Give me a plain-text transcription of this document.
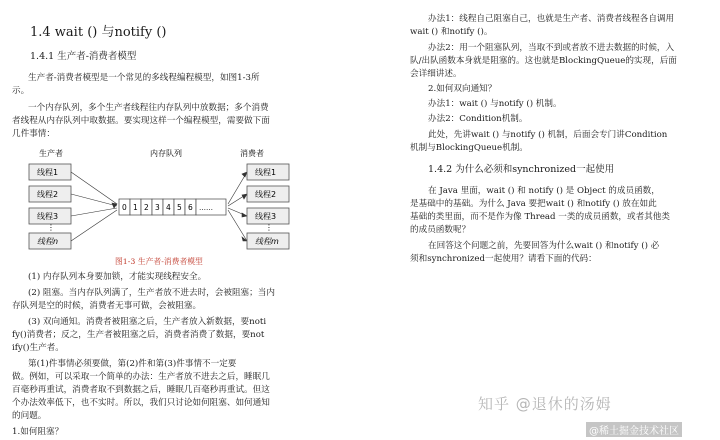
1.4 wait () 与notify ()
1.4.1 生产者-消费者模型
生产者-消费者模型是一个常见的多线程编程模型，如图1-3所
示。
一个内存队列，多个生产者线程往内存队列中放数据；多个消费
者线程从内存队列中取数据。要实现这样一个编程模型，需要做下面
几件事情：
生产者	内存队列	消费者
线程1
线程2
线程3
⋮
线程n
0 1 2 3 4 5 6 ……
线程1
线程2
线程3
⋮
线程m
图1-3 生产者-消费者模型
(1) 内存队列本身要加锁，才能实现线程安全。
(2) 阻塞。当内存队列满了，生产者放不进去时，会被阻塞；当内
存队列是空的时候，消费者无事可做，会被阻塞。
(3) 双向通知。消费者被阻塞之后，生产者放入新数据，要noti
fy()消费者；反之，生产者被阻塞之后，消费者消费了数据，要not
ify()生产者。
第(1)件事情必须要做，第(2)件和第(3)件事情不一定要
做。例如，可以采取一个简单的办法：生产者放不进去之后，睡眠几
百毫秒再重试，消费者取不到数据之后，睡眠几百毫秒再重试。但这
个办法效率低下，也不实时。所以，我们只讨论如何阻塞、如何通知
的问题。
1.如何阻塞？
办法1：线程自己阻塞自己，也就是生产者、消费者线程各自调用
wait () 和notify ()。
办法2：用一个阻塞队列，当取不到或者放不进去数据的时候，入
队/出队函数本身就是阻塞的。这也就是BlockingQueue的实现，后面
会详细讲述。
2.如何双向通知？
办法1：wait () 与notify () 机制。
办法2：Condition机制。
此处，先讲wait () 与notify () 机制，后面会专门讲Condition
机制与BlockingQueue机制。
1.4.2 为什么必须和synchronized一起使用
在 Java 里面，wait () 和 notify () 是 Object 的成员函数，
是基础中的基础。为什么 Java 要把wait () 和notify () 放在如此
基础的类里面，而不是作为像 Thread 一类的成员函数，或者其他类
的成员函数呢？
在回答这个问题之前，先要回答为什么wait () 和notify () 必
须和synchronized一起使用？请看下面的代码：
知乎 @退休的汤姆
@稀土掘金技术社区
